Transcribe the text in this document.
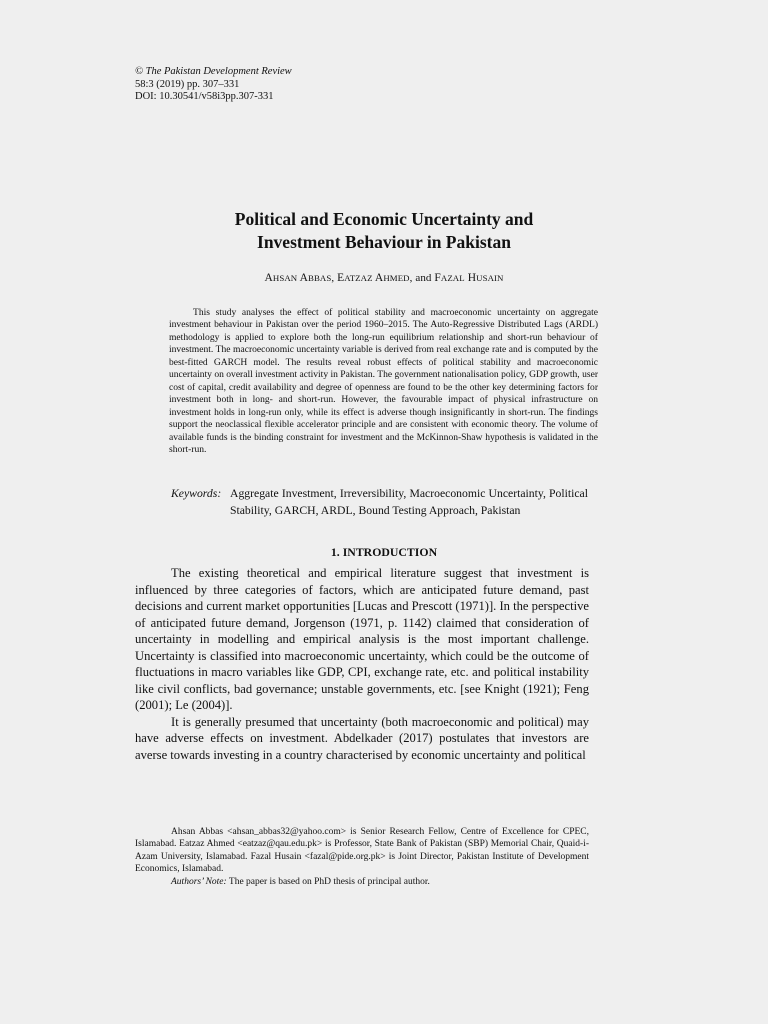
© The Pakistan Development Review
58:3 (2019) pp. 307–331
DOI: 10.30541/v58i3pp.307-331
Political and Economic Uncertainty and
Investment Behaviour in Pakistan
AHSAN ABBAS, EATZAZ AHMED, and FAZAL HUSAIN

This study analyses the effect of political stability and macroeconomic uncertainty on aggregate investment behaviour in Pakistan over the period 1960–2015. The Auto-Regressive Distributed Lags (ARDL) methodology is applied to explore both the long-run equilibrium relationship and short-run behaviour of investment. The macroeconomic uncertainty variable is derived from real exchange rate and is computed by the best-fitted GARCH model. The results reveal robust effects of political stability and macroeconomic uncertainty on overall investment activity in Pakistan. The government nationalisation policy, GDP growth, user cost of capital, credit availability and degree of openness are found to be the other key determining factors for investment both in long- and short-run. However, the favourable impact of physical infrastructure on investment holds in long-run only, while its effect is adverse though insignificantly in short-run. The findings support the neoclassical flexible accelerator principle and are consistent with economic theory. The volume of available funds is the binding constraint for investment and the McKinnon-Shaw hypothesis is validated in the short-run.

Keywords: Aggregate Investment, Irreversibility, Macroeconomic Uncertainty, Political Stability, GARCH, ARDL, Bound Testing Approach, Pakistan
1. INTRODUCTION

The existing theoretical and empirical literature suggest that investment is influenced by three categories of factors, which are anticipated future demand, past decisions and current market opportunities [Lucas and Prescott (1971)]. In the perspective of anticipated future demand, Jorgenson (1971, p. 1142) claimed that consideration of uncertainty in modelling and empirical analysis is the most important challenge. Uncertainty is classified into macroeconomic uncertainty, which could be the outcome of fluctuations in macro variables like GDP, CPI, exchange rate, etc. and political instability like civil conflicts, bad governance; unstable governments, etc. [see Knight (1921); Feng (2001); Le (2004)].

It is generally presumed that uncertainty (both macroeconomic and political) may have adverse effects on investment. Abdelkader (2017) postulates that investors are averse towards investing in a country characterised by economic uncertainty and political

Ahsan Abbas <ahsan_abbas32@yahoo.com> is Senior Research Fellow, Centre of Excellence for CPEC, Islamabad. Eatzaz Ahmed <eatzaz@qau.edu.pk> is Professor, State Bank of Pakistan (SBP) Memorial Chair, Quaid-i-Azam University, Islamabad. Fazal Husain <fazal@pide.org.pk> is Joint Director, Pakistan Institute of Development Economics, Islamabad.

Authors’ Note: The paper is based on PhD thesis of principal author.
